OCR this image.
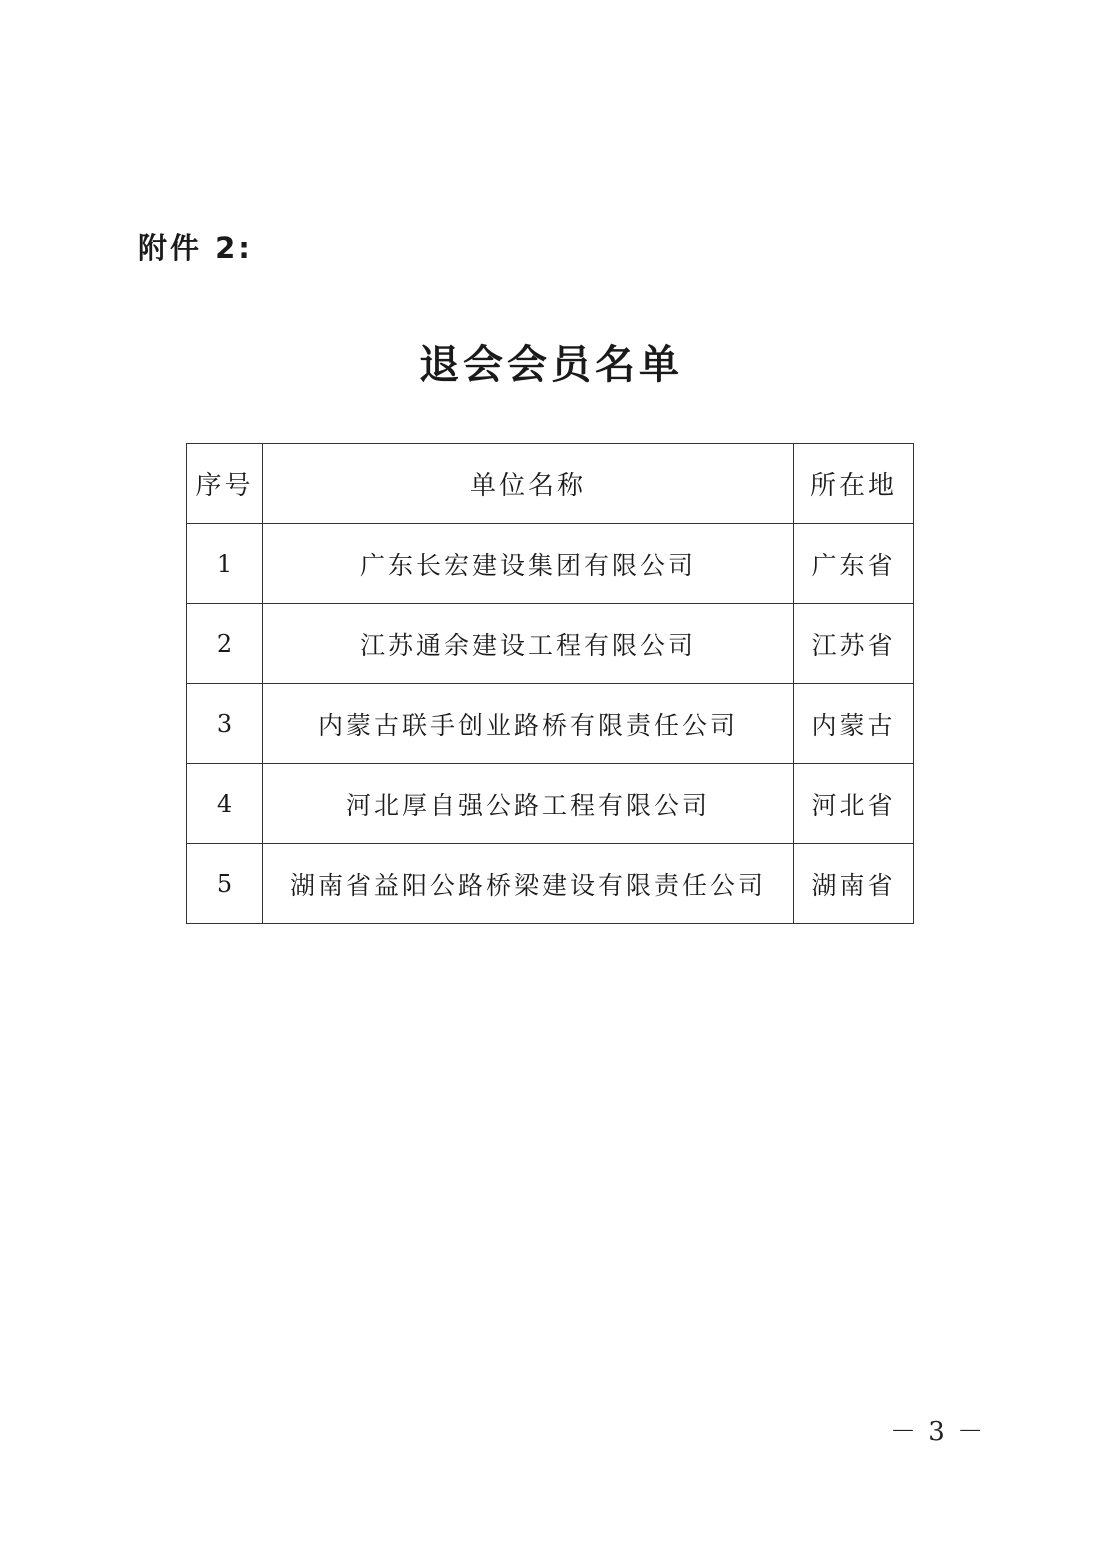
附件 2:
退会会员名单
序号	单位名称	所在地
1	广东长宏建设集团有限公司	广东省
2	江苏通余建设工程有限公司	江苏省
3	内蒙古联手创业路桥有限责任公司	内蒙古
4	河北厚自强公路工程有限公司	河北省
5	湖南省益阳公路桥梁建设有限责任公司	湖南省
－ 3 －
